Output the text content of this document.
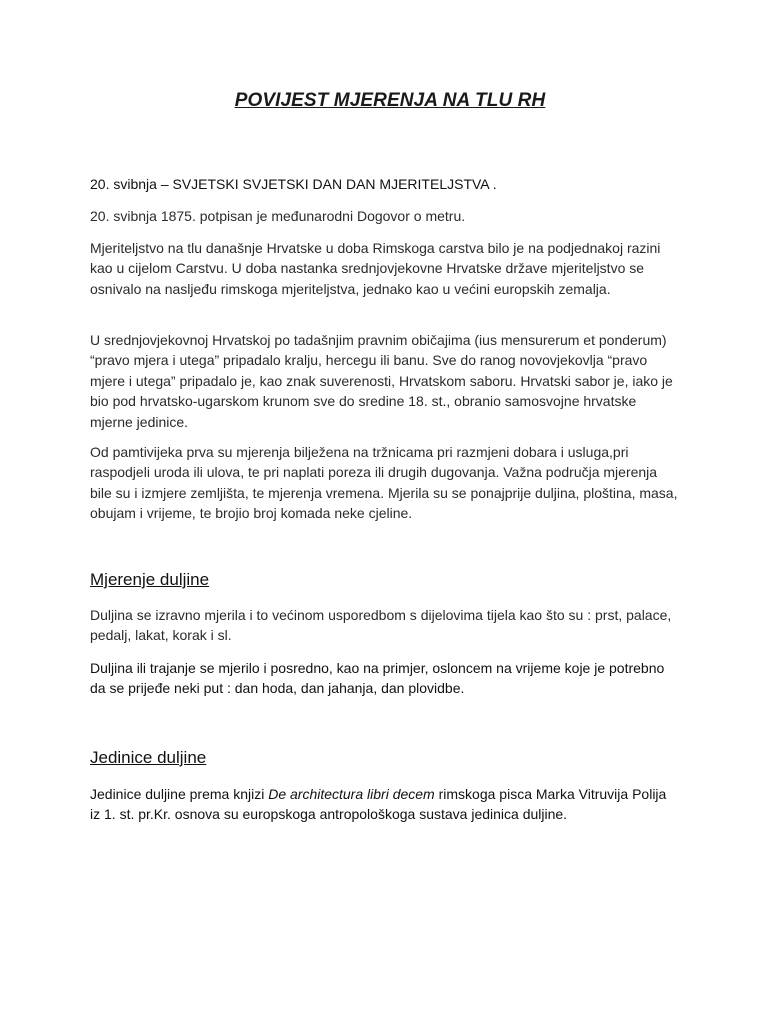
POVIJEST MJERENJA NA TLU RH

20. svibnja – SVJETSKI SVJETSKI DAN DAN MJERITELJSTVA .

20. svibnja 1875. potpisan je međunarodni Dogovor o metru.

Mjeriteljstvo na tlu današnje Hrvatske u doba Rimskoga carstva bilo je na podjednakoj razini kao u cijelom Carstvu. U doba nastanka srednjovjekovne Hrvatske države mjeriteljstvo se osnivalo na nasljeđu rimskoga mjeriteljstva, jednako kao u većini europskih zemalja.

U srednjovjekovnoj Hrvatskoj po tadašnjim pravnim običajima (ius mensurerum et ponderum) “pravo mjera i utega” pripadalo kralju, hercegu ili banu. Sve do ranog novovjekovlja “pravo mjere i utega” pripadalo je, kao znak suverenosti, Hrvatskom saboru. Hrvatski sabor je, iako je bio pod hrvatsko-ugarskom krunom sve do sredine 18. st., obranio samosvojne hrvatske mjerne jedinice.

Od pamtivijeka prva su mjerenja bilježena na tržnicama pri razmjeni dobara i usluga,pri raspodjeli uroda ili ulova, te pri naplati poreza ili drugih dugovanja. Važna područja mjerenja bile su i izmjere zemljišta, te mjerenja vremena. Mjerila su se ponajprije duljina, ploština, masa, obujam i vrijeme, te brojio broj komada neke cjeline.

Mjerenje duljine

Duljina se izravno mjerila i to većinom usporedbom s dijelovima tijela kao što su : prst, palace, pedalj, lakat, korak i sl.

Duljina ili trajanje se mjerilo i posredno, kao na primjer, osloncem na vrijeme koje je potrebno da se prijeđe neki put : dan hoda, dan jahanja, dan plovidbe.

Jedinice duljine

Jedinice duljine prema knjizi De architectura libri decem rimskoga pisca Marka Vitruvija Polija iz 1. st. pr.Kr. osnova su europskoga antropološkoga sustava jedinica duljine.
